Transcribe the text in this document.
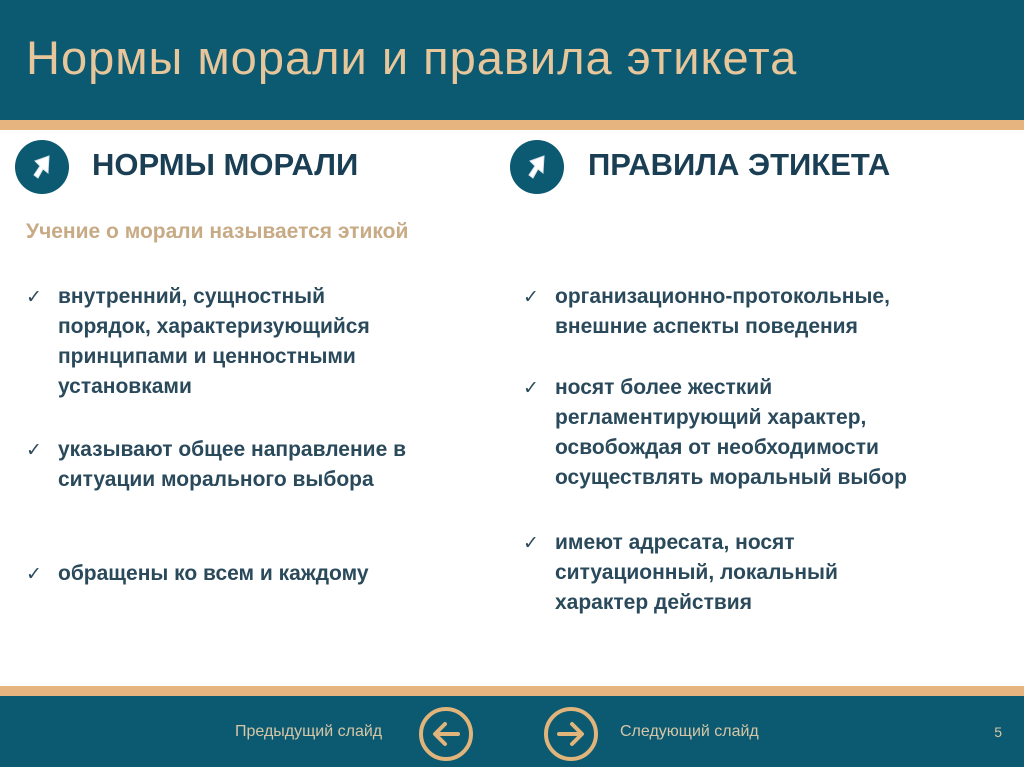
Нормы морали и правила этикета
НОРМЫ МОРАЛИ	ПРАВИЛА ЭТИКЕТА
Учение о морали называется этикой
✓ внутренний, сущностный
порядок, характеризующийся
принципами и ценностными
установками
✓ указывают общее направление в
ситуации морального выбора
✓ обращены ко всем и каждому
✓ организационно-протокольные,
внешние аспекты поведения
✓ носят более жесткий
регламентирующий характер,
освобождая от необходимости
осуществлять моральный выбор
✓ имеют адресата, носят
ситуационный, локальный
характер действия
Предыдущий слайд	Следующий слайд	5
